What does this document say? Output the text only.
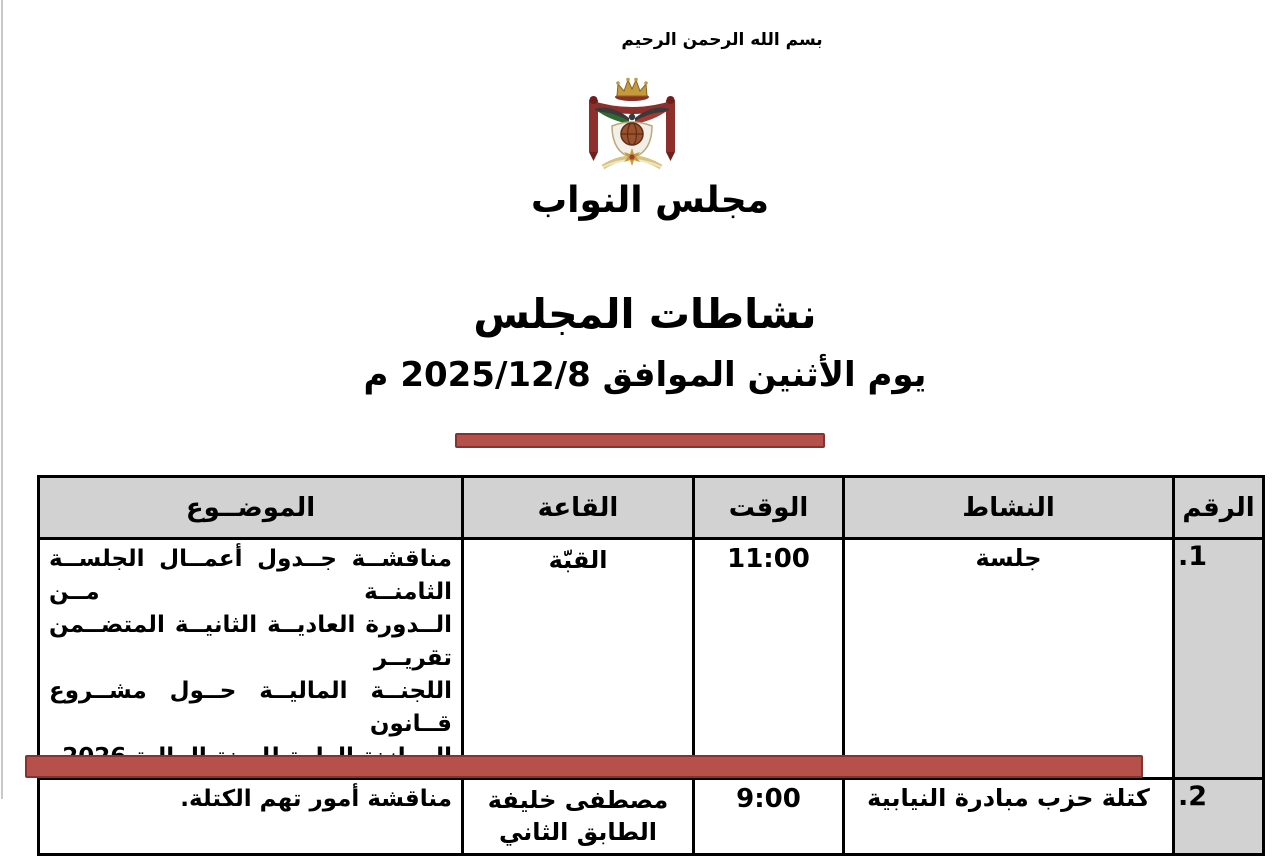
بسم الله الرحمن الرحيم
مجلس النواب
نشاطات المجلس
يوم الأثنين الموافق 2025/12/8 م
الرقم	النشاط	الوقت	القاعة	الموضــوع
.1	جلسة	11:00	القبّة	مناقشــة جــدول أعمــال الجلســة الثامنــة مــن
الــدورة العاديــة الثانيــة المتضــمن تقريــر
اللجنــة الماليــة حــول مشــروع قــانون

.2	كتلة حزب مبادرة النيابية	9:00	مصطفى خليفة
الطابق الثاني	مناقشة أمور تهم الكتلة.
